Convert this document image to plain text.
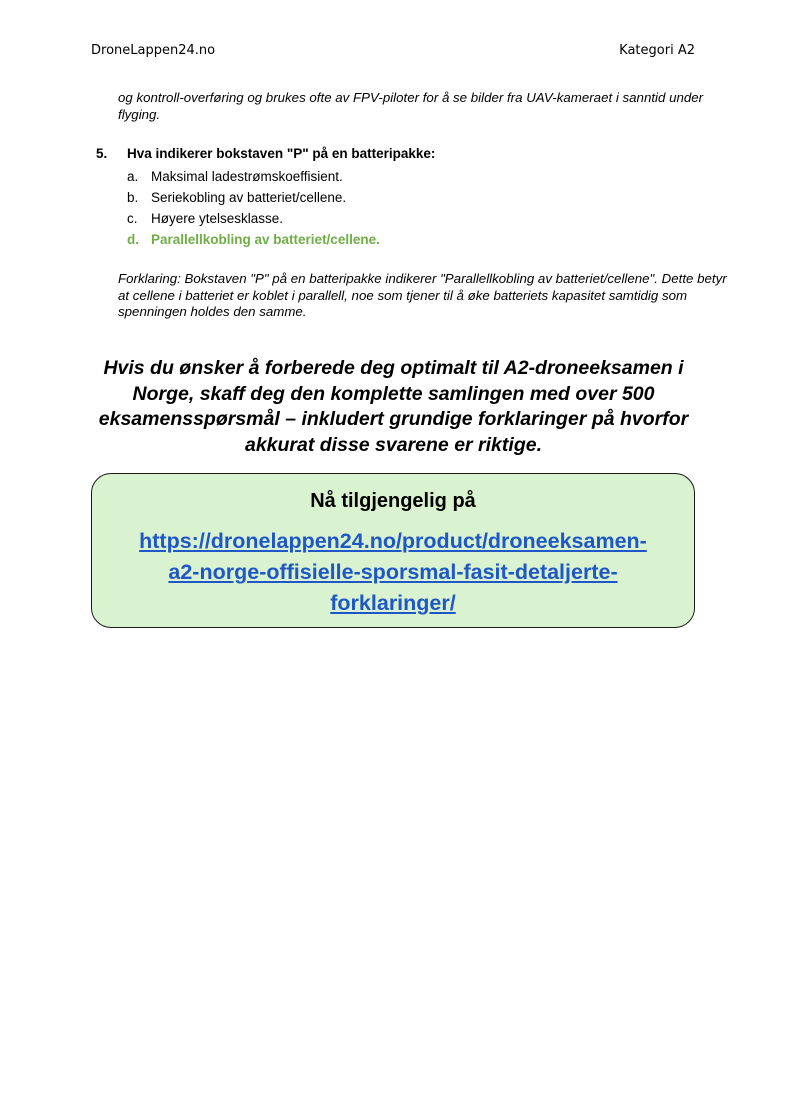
DroneLappen24.no	Kategori A2
og kontroll-overføring og brukes ofte av FPV-piloter for å se bilder fra UAV-kameraet i sanntid under flyging.
5.	Hva indikerer bokstaven "P" på en batteripakke:
a. Maksimal ladestrømskoeffisient.
b. Seriekobling av batteriet/cellene.
c. Høyere ytelsesklasse.
d. Parallellkobling av batteriet/cellene.
Forklaring: Bokstaven "P" på en batteripakke indikerer "Parallellkobling av batteriet/cellene". Dette betyr at cellene i batteriet er koblet i parallell, noe som tjener til å øke batteriets kapasitet samtidig som spenningen holdes den samme.
Hvis du ønsker å forberede deg optimalt til A2-droneeksamen i
Norge, skaff deg den komplette samlingen med over 500
eksamensspørsmål – inkludert grundige forklaringer på hvorfor
akkurat disse svarene er riktige.
Nå tilgjengelig på
https://dronelappen24.no/product/droneeksamen-
a2-norge-offisielle-sporsmal-fasit-detaljerte-
forklaringer/
